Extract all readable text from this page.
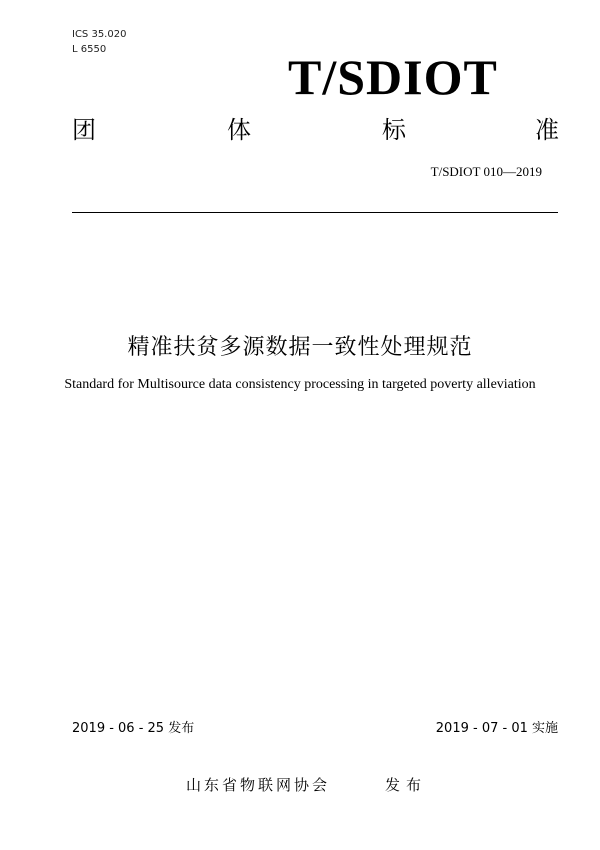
ICS 35.020
L 6550	T/SDIOT
团	体	标	准
T/SDIOT 010—2019
精准扶贫多源数据一致性处理规范
Standard for Multisource data consistency processing in targeted poverty alleviation
2019 - 06 - 25 发布	2019 - 07 - 01 实施
山东省物联网协会	发布
